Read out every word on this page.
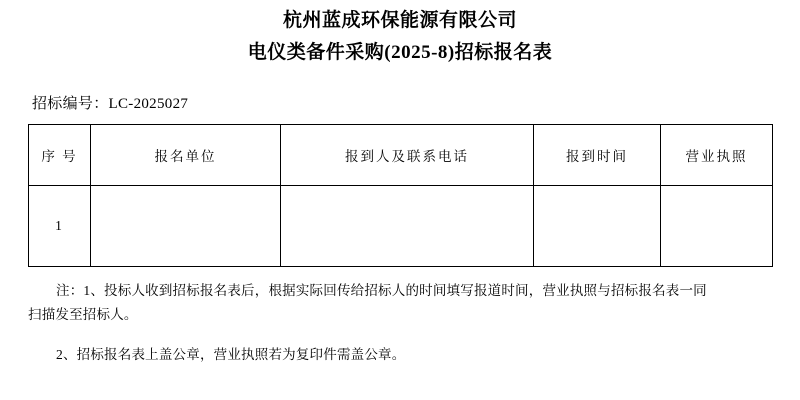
杭州蓝成环保能源有限公司
电仪类备件采购(2025-8)招标报名表
招标编号：LC-2025027
序 号	报名单位	报到人及联系电话	报到时间	营业执照
1				
注：1、投标人收到招标报名表后，根据实际回传给招标人的时间填写报道时间，营业执照与招标报名表一同
扫描发至招标人。
2、招标报名表上盖公章，营业执照若为复印件需盖公章。
